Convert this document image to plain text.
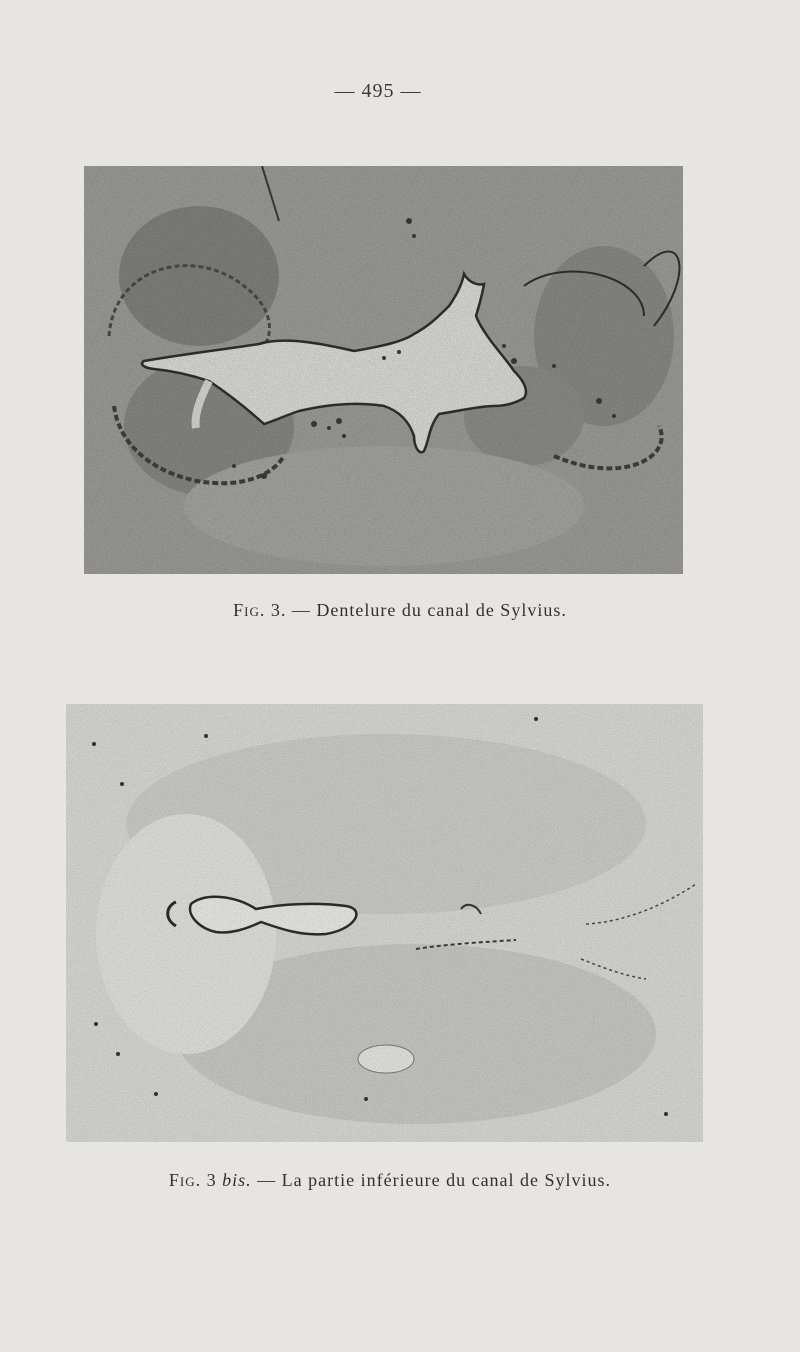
— 495 —
Fig. 3. — Dentelure du canal de Sylvius.
Fig. 3 bis. — La partie inférieure du canal de Sylvius.
